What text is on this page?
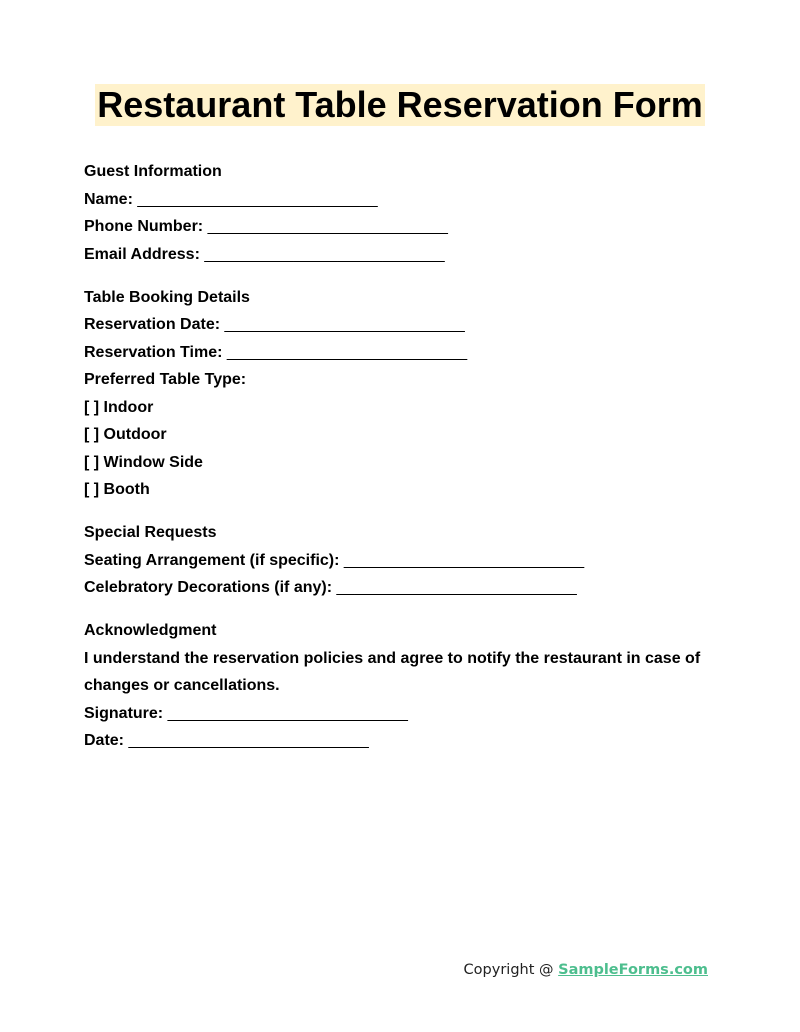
Restaurant Table Reservation Form
Guest Information
Name: ___________________________
Phone Number: ___________________________
Email Address: ___________________________
Table Booking Details
Reservation Date: ___________________________
Reservation Time: ___________________________
Preferred Table Type:
[ ] Indoor
[ ] Outdoor
[ ] Window Side
[ ] Booth
Special Requests
Seating Arrangement (if specific): ___________________________
Celebratory Decorations (if any): ___________________________
Acknowledgment
I understand the reservation policies and agree to notify the restaurant in case of changes or cancellations.
Signature: ___________________________
Date: ___________________________
Copyright @ SampleForms.com
